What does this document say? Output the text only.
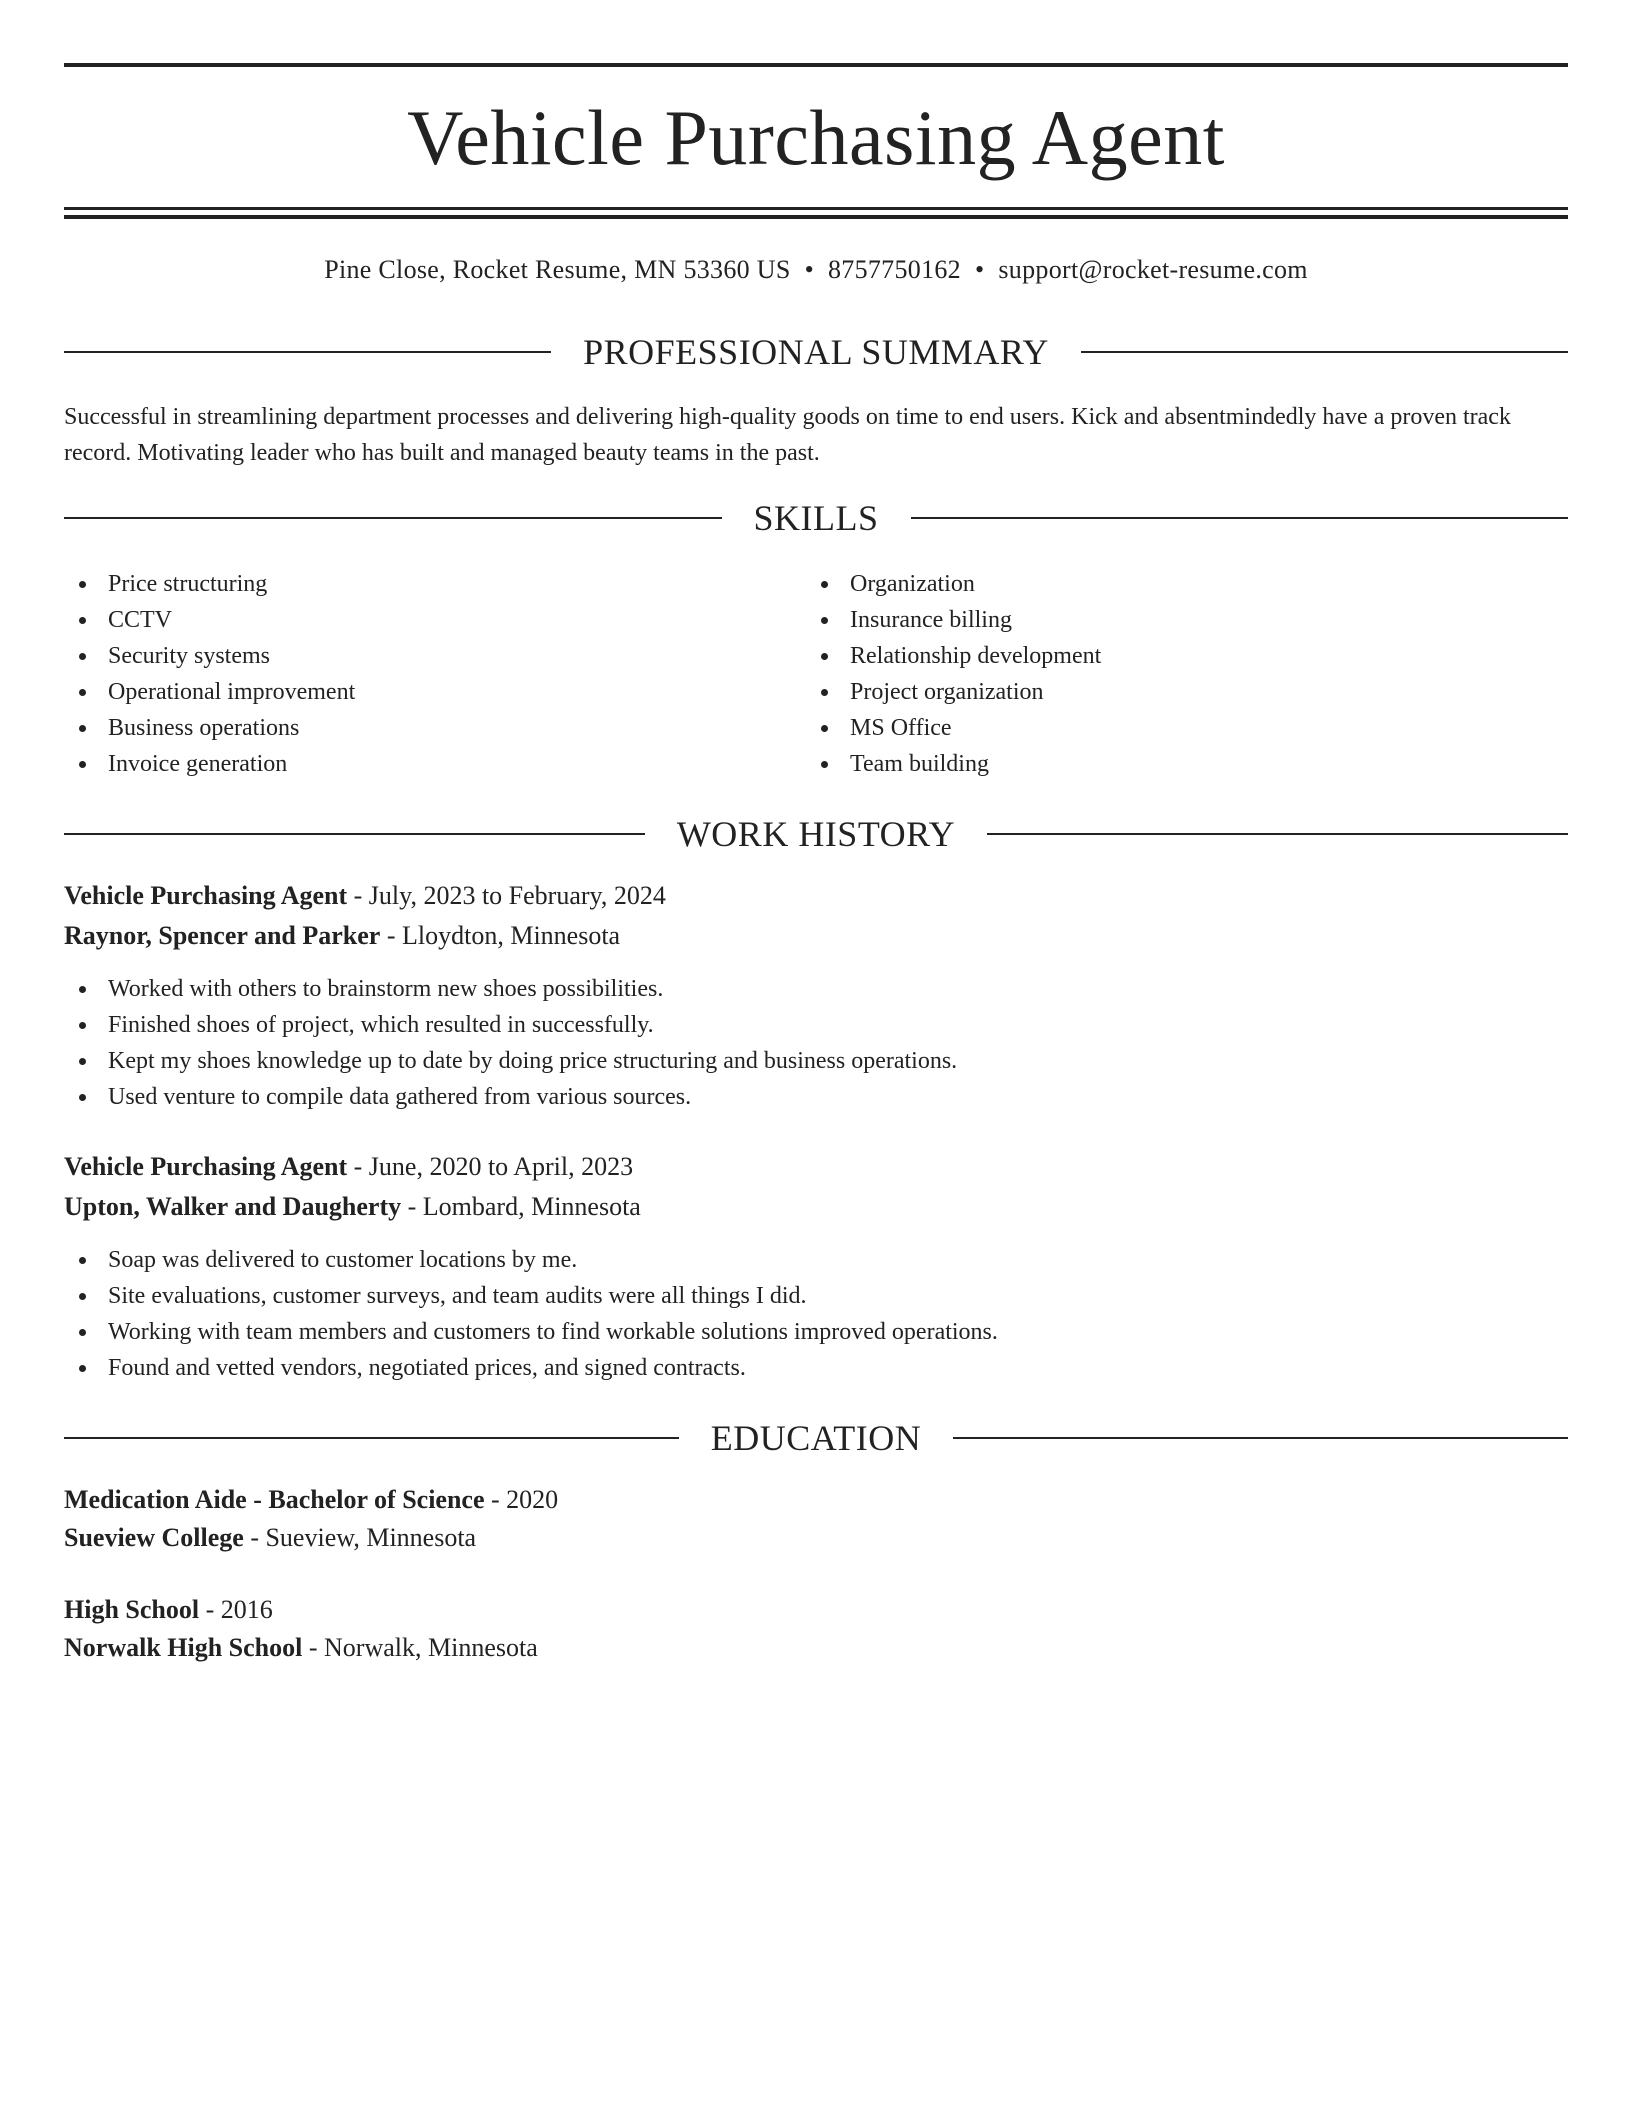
Vehicle Purchasing Agent
Pine Close, Rocket Resume, MN 53360 US • 8757750162 • support@rocket-resume.com
PROFESSIONAL SUMMARY

Successful in streamlining department processes and delivering high-quality goods on time to end users. Kick and absentmindedly have a proven track record. Motivating leader who has built and managed beauty teams in the past.

SKILLS
Price structuring
CCTV
Security systems
Operational improvement
Business operations
Invoice generation
Organization
Insurance billing
Relationship development
Project organization
MS Office
Team building
WORK HISTORY
Vehicle Purchasing Agent - July, 2023 to February, 2024
Raynor, Spencer and Parker - Lloydton, Minnesota
Worked with others to brainstorm new shoes possibilities.
Finished shoes of project, which resulted in successfully.
Kept my shoes knowledge up to date by doing price structuring and business operations.
Used venture to compile data gathered from various sources.
Vehicle Purchasing Agent - June, 2020 to April, 2023
Upton, Walker and Daugherty - Lombard, Minnesota
Soap was delivered to customer locations by me.
Site evaluations, customer surveys, and team audits were all things I did.
Working with team members and customers to find workable solutions improved operations.
Found and vetted vendors, negotiated prices, and signed contracts.
EDUCATION
Medication Aide - Bachelor of Science - 2020
Sueview College - Sueview, Minnesota
High School - 2016
Norwalk High School - Norwalk, Minnesota
